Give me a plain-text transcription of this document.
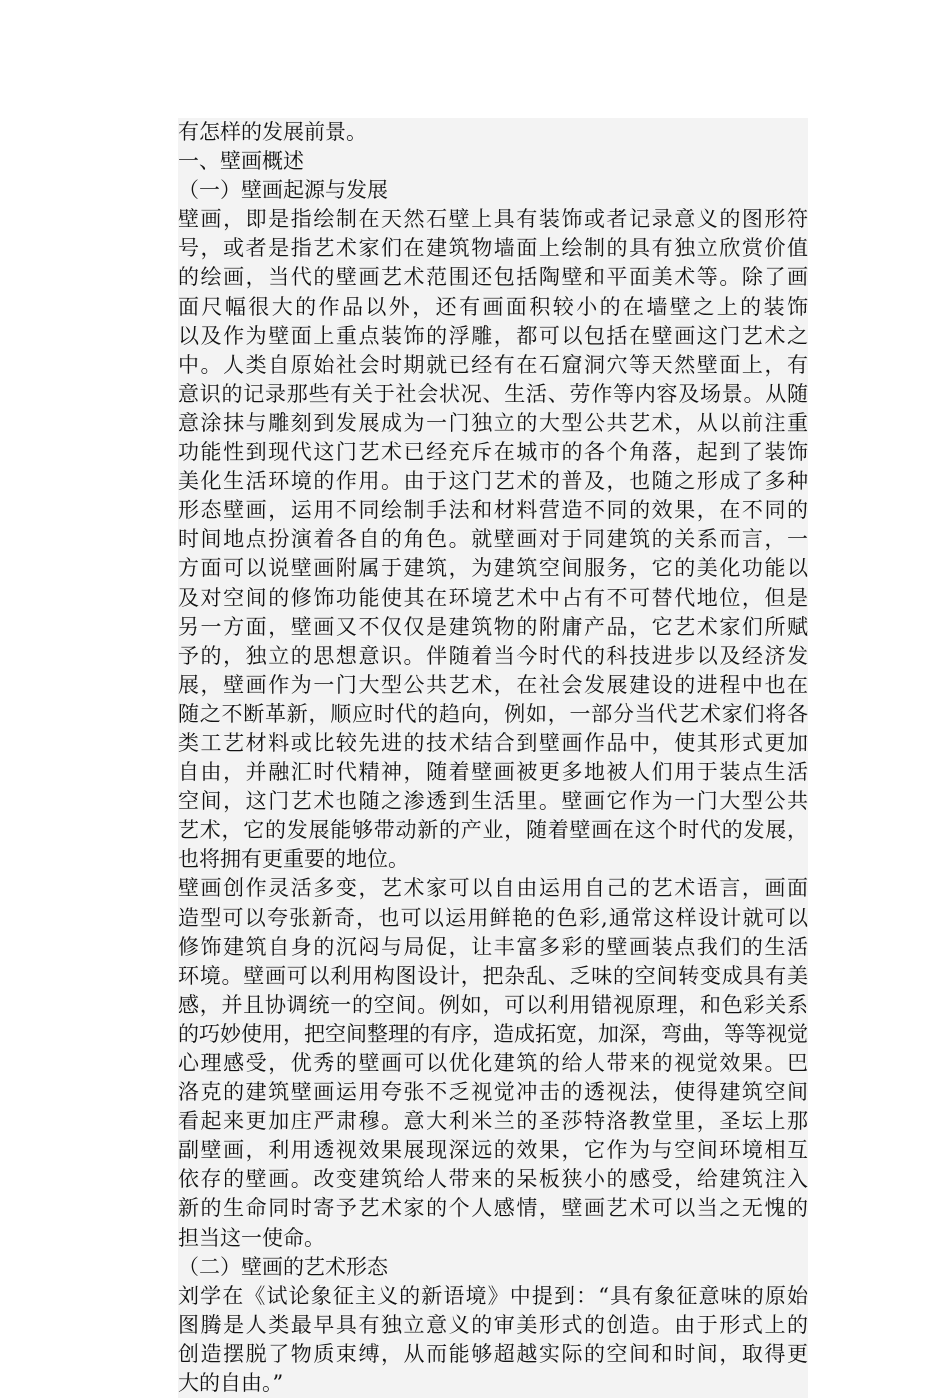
有怎样的发展前景。
一、壁画概述
（一）壁画起源与发展
壁画，即是指绘制在天然石壁上具有装饰或者记录意义的图形符
号，或者是指艺术家们在建筑物墙面上绘制的具有独立欣赏价值
的绘画，当代的壁画艺术范围还包括陶壁和平面美术等。除了画
面尺幅很大的作品以外，还有画面积较小的在墙壁之上的装饰
以及作为壁面上重点装饰的浮雕，都可以包括在壁画这门艺术之
中。人类自原始社会时期就已经有在石窟洞穴等天然壁面上，有
意识的记录那些有关于社会状况、生活、劳作等内容及场景。从随
意涂抹与雕刻到发展成为一门独立的大型公共艺术，从以前注重
功能性到现代这门艺术已经充斥在城市的各个角落，起到了装饰
美化生活环境的作用。由于这门艺术的普及，也随之形成了多种
形态壁画，运用不同绘制手法和材料营造不同的效果，在不同的
时间地点扮演着各自的角色。就壁画对于同建筑的关系而言，一
方面可以说壁画附属于建筑，为建筑空间服务，它的美化功能以
及对空间的修饰功能使其在环境艺术中占有不可替代地位，但是
另一方面，壁画又不仅仅是建筑物的附庸产品，它艺术家们所赋
予的，独立的思想意识。伴随着当今时代的科技进步以及经济发
展，壁画作为一门大型公共艺术，在社会发展建设的进程中也在
随之不断革新，顺应时代的趋向，例如，一部分当代艺术家们将各
类工艺材料或比较先进的技术结合到壁画作品中，使其形式更加
自由，并融汇时代精神，随着壁画被更多地被人们用于装点生活
空间，这门艺术也随之渗透到生活里。壁画它作为一门大型公共
艺术，它的发展能够带动新的产业，随着壁画在这个时代的发展，
也将拥有更重要的地位。
壁画创作灵活多变，艺术家可以自由运用自己的艺术语言，画面
造型可以夸张新奇，也可以运用鲜艳的色彩,通常这样设计就可以
修饰建筑自身的沉闷与局促，让丰富多彩的壁画装点我们的生活
环境。壁画可以利用构图设计，把杂乱、乏味的空间转变成具有美
感，并且协调统一的空间。例如，可以利用错视原理，和色彩关系
的巧妙使用，把空间整理的有序，造成拓宽，加深，弯曲，等等视觉
心理感受，优秀的壁画可以优化建筑的给人带来的视觉效果。巴
洛克的建筑壁画运用夸张不乏视觉冲击的透视法，使得建筑空间
看起来更加庄严肃穆。意大利米兰的圣莎特洛教堂里，圣坛上那
副壁画，利用透视效果展现深远的效果，它作为与空间环境相互
依存的壁画。改变建筑给人带来的呆板狭小的感受，给建筑注入
新的生命同时寄予艺术家的个人感情，壁画艺术可以当之无愧的
担当这一使命。
（二）壁画的艺术形态
刘学在《试论象征主义的新语境》中提到：“具有象征意味的原始
图腾是人类最早具有独立意义的审美形式的创造。由于形式上的
创造摆脱了物质束缚，从而能够超越实际的空间和时间，取得更
大的自由。”
